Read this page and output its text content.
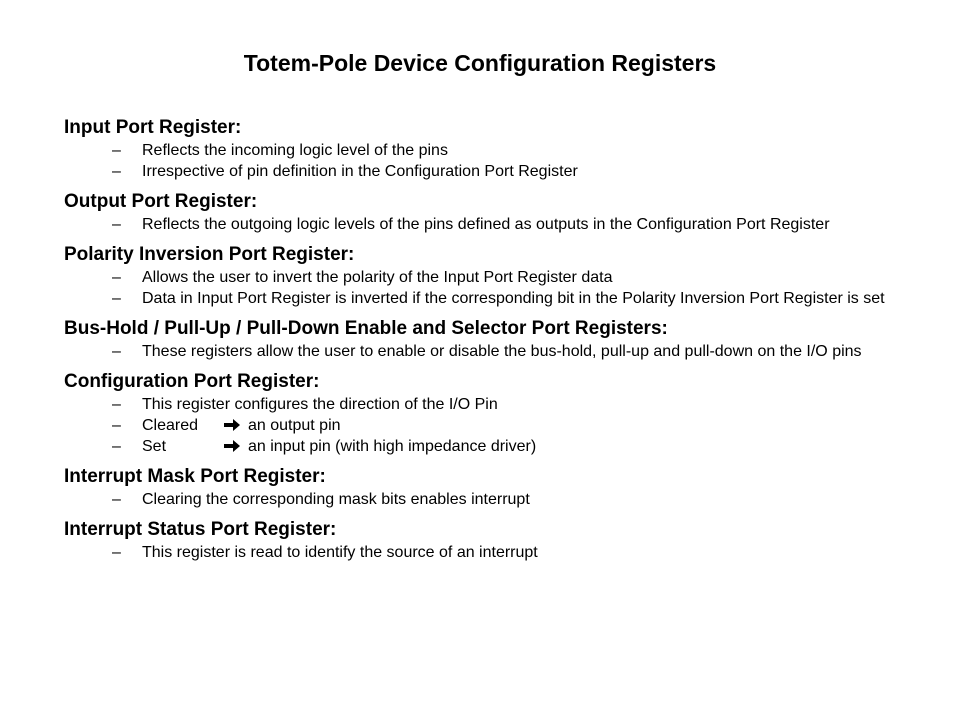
Totem-Pole Device Configuration Registers
Input Port Register:
– Reflects the incoming logic level of the pins
– Irrespective of pin definition in the Configuration Port Register
Output Port Register:
– Reflects the outgoing logic levels of the pins defined as outputs in the Configuration Port Register
Polarity Inversion Port Register:
– Allows the user to invert the polarity of the Input Port Register data
– Data in Input Port Register is inverted if the corresponding bit in the Polarity Inversion Port Register is set
Bus-Hold / Pull-Up / Pull-Down Enable and Selector Port Registers:
– These registers allow the user to enable or disable the bus-hold, pull-up and pull-down on the I/O pins
Configuration Port Register:
– This register configures the direction of the I/O Pin
– Cleared	an output pin
– Set	an input pin (with high impedance driver)
Interrupt Mask Port Register:
– Clearing the corresponding mask bits enables interrupt
Interrupt Status Port Register:
– This register is read to identify the source of an interrupt
